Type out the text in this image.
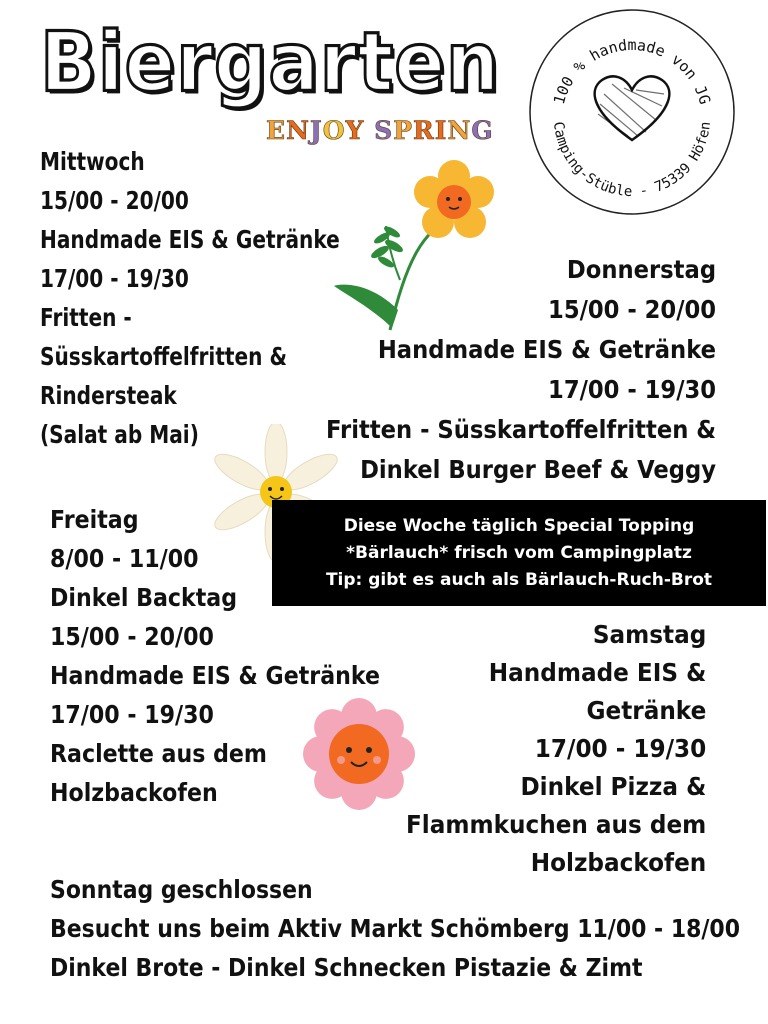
Biergarten
ENJOY SPRING
100 % handmade von JG
Camping-Stüble - 75339 Höfen
Mittwoch
15/00 - 20/00
Handmade EIS & Getränke
17/00 - 19/30
Fritten -
Süsskartoffelfritten &
Rindersteak
(Salat ab Mai)
Donnerstag
15/00 - 20/00
Handmade EIS & Getränke
17/00 - 19/30
Fritten - Süsskartoffelfritten &
Dinkel Burger Beef & Veggy
Diese Woche täglich Special Topping
*Bärlauch* frisch vom Campingplatz
Tip: gibt es auch als Bärlauch-Ruch-Brot
Freitag
8/00 - 11/00
Dinkel Backtag
15/00 - 20/00
Handmade EIS & Getränke
17/00 - 19/30
Raclette aus dem
Holzbackofen
Samstag
Handmade EIS &
Getränke
17/00 - 19/30
Dinkel Pizza &
Flammkuchen aus dem
Holzbackofen
Sonntag geschlossen
Besucht uns beim Aktiv Markt Schömberg 11/00 - 18/00
Dinkel Brote - Dinkel Schnecken Pistazie & Zimt
